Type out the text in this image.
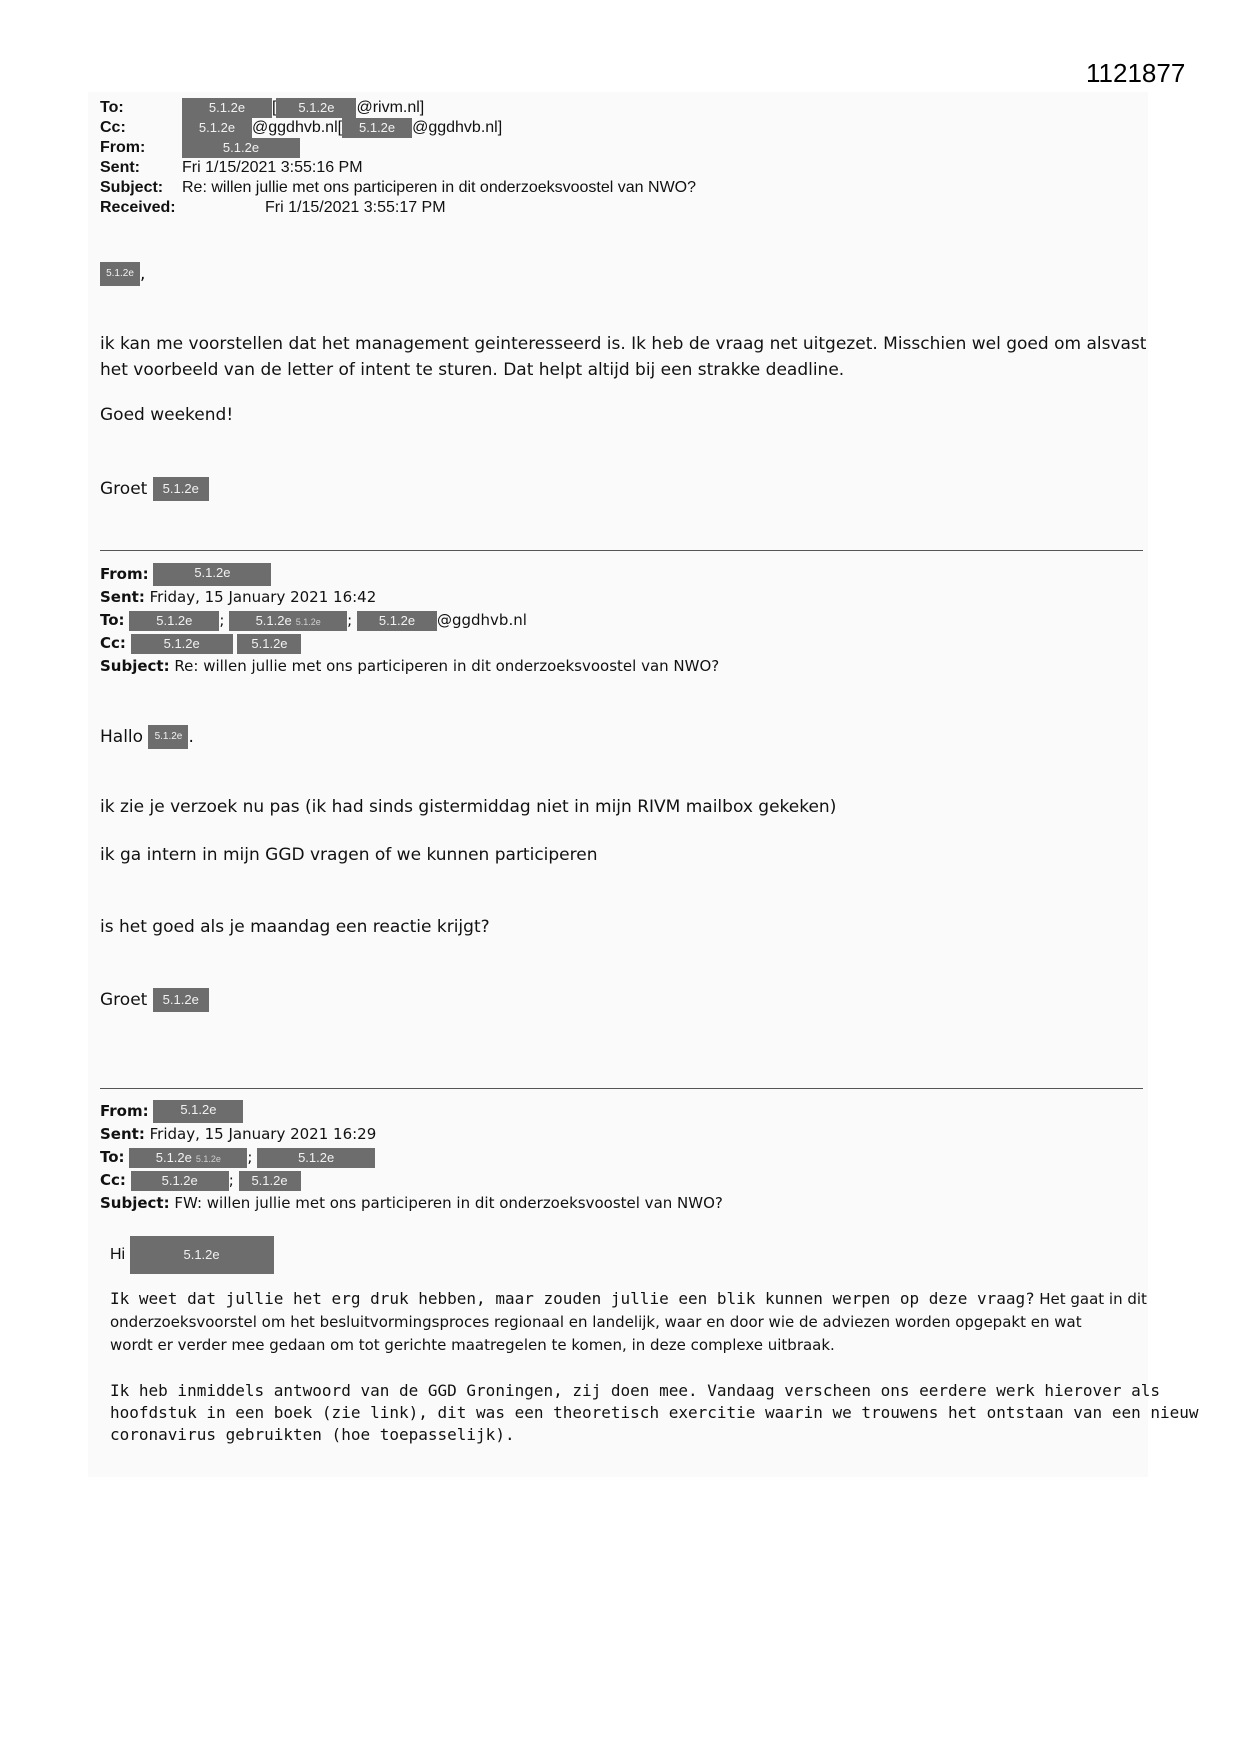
1121877
To:	5.1.2e [ 5.1.2e @rivm.nl]
Cc:	5.1.2e @ggdhvb.nl[ 5.1.2e @ggdhvb.nl]
From:	5.1.2e
Sent:	Fri 1/15/2021 3:55:16 PM
Subject: Re: willen jullie met ons participeren in dit onderzoeksvoostel van NWO?
Received:	Fri 1/15/2021 3:55:17 PM
5.1.2e ,
ik kan me voorstellen dat het management geinteresseerd is. Ik heb de vraag net uitgezet. Misschien wel goed om alsvast
het voorbeeld van de letter of intent te sturen. Dat helpt altijd bij een strakke deadline.
Goed weekend!
Groet 5.1.2e
From:	5.1.2e
Sent: Friday, 15 January 2021 16:42
To: 5.1.2e ; 5.1.2e 5.1.2e ; 5.1.2e @ggdhvb.nl
Cc:	5.1.2e	5.1.2e
Subject: Re: willen jullie met ons participeren in dit onderzoeksvoostel van NWO?
Hallo 5.1.2e .
ik zie je verzoek nu pas (ik had sinds gistermiddag niet in mijn RIVM mailbox gekeken)
ik ga intern in mijn GGD vragen of we kunnen participeren
is het goed als je maandag een reactie krijgt?
Groet 5.1.2e
From: 5.1.2e
Sent: Friday, 15 January 2021 16:29
To: 5.1.2e 5.1.2e ;	5.1.2e
Cc:	5.1.2e ; 5.1.2e
Subject: FW: willen jullie met ons participeren in dit onderzoeksvoostel van NWO?
Hi	5.1.2e
Ik weet dat jullie het erg druk hebben, maar zouden jullie een blik kunnen werpen op deze vraag? Het gaat in dit
onderzoeksvoorstel om het besluitvormingsproces regionaal en landelijk, waar en door wie de adviezen worden opgepakt en wat
wordt er verder mee gedaan om tot gerichte maatregelen te komen, in deze complexe uitbraak.
Ik heb inmiddels antwoord van de GGD Groningen, zij doen mee. Vandaag verscheen ons eerdere werk hierover als
hoofdstuk in een boek (zie link), dit was een theoretisch exercitie waarin we trouwens het ontstaan van een nieuw
coronavirus gebruikten (hoe toepasselijk).
